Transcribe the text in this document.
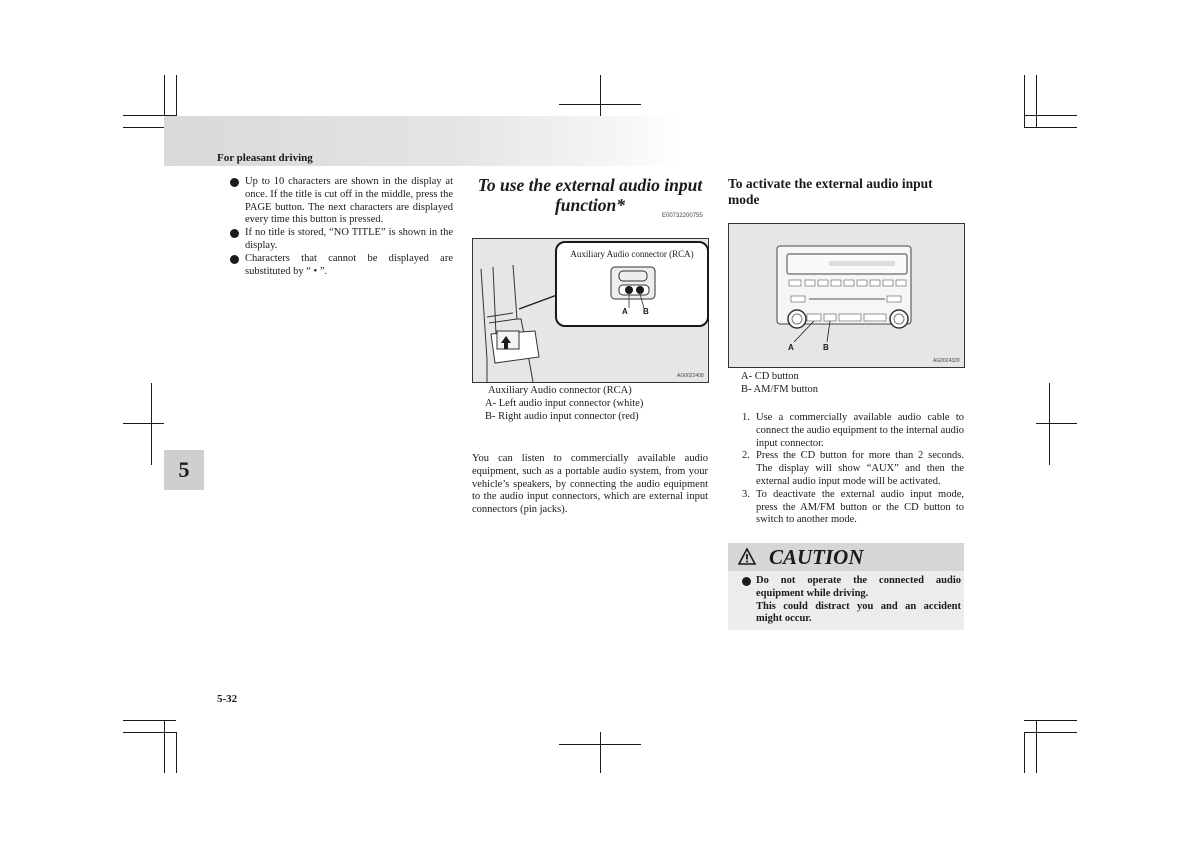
For pleasant driving
5
Up to 10 characters are shown in the display at once. If the title is cut off in the middle, press the PAGE button. The next characters are displayed every time this button is pressed.
If no title is stored, “NO TITLE” is shown in the display.
Characters that cannot be displayed are substituted by “ • ”.
To use the external audio input function*
E00732200755
Auxiliary Audio connector (RCA)
A B
AG0022408
Auxiliary Audio connector (RCA)
A- Left audio input connector (white)
B- Right audio input connector (red)
You can listen to commercially available audio equipment, such as a portable audio system, from your vehicle’s speakers, by connecting the audio equipment to the audio input connectors, which are external input connectors (pin jacks).
To activate the external audio input mode
A	B
AG0024329
A- CD button
B- AM/FM button
1. Use a commercially available audio cable to connect the audio equipment to the internal audio input connector.
2. Press the CD button for more than 2 seconds. The display will show “AUX” and then the external audio input mode will be activated.
3. To deactivate the external audio input mode, press the AM/FM button or the CD button to switch to another mode.
CAUTION
Do not operate the connected audio equipment while driving.
This could distract you and an accident might occur.
5-32
